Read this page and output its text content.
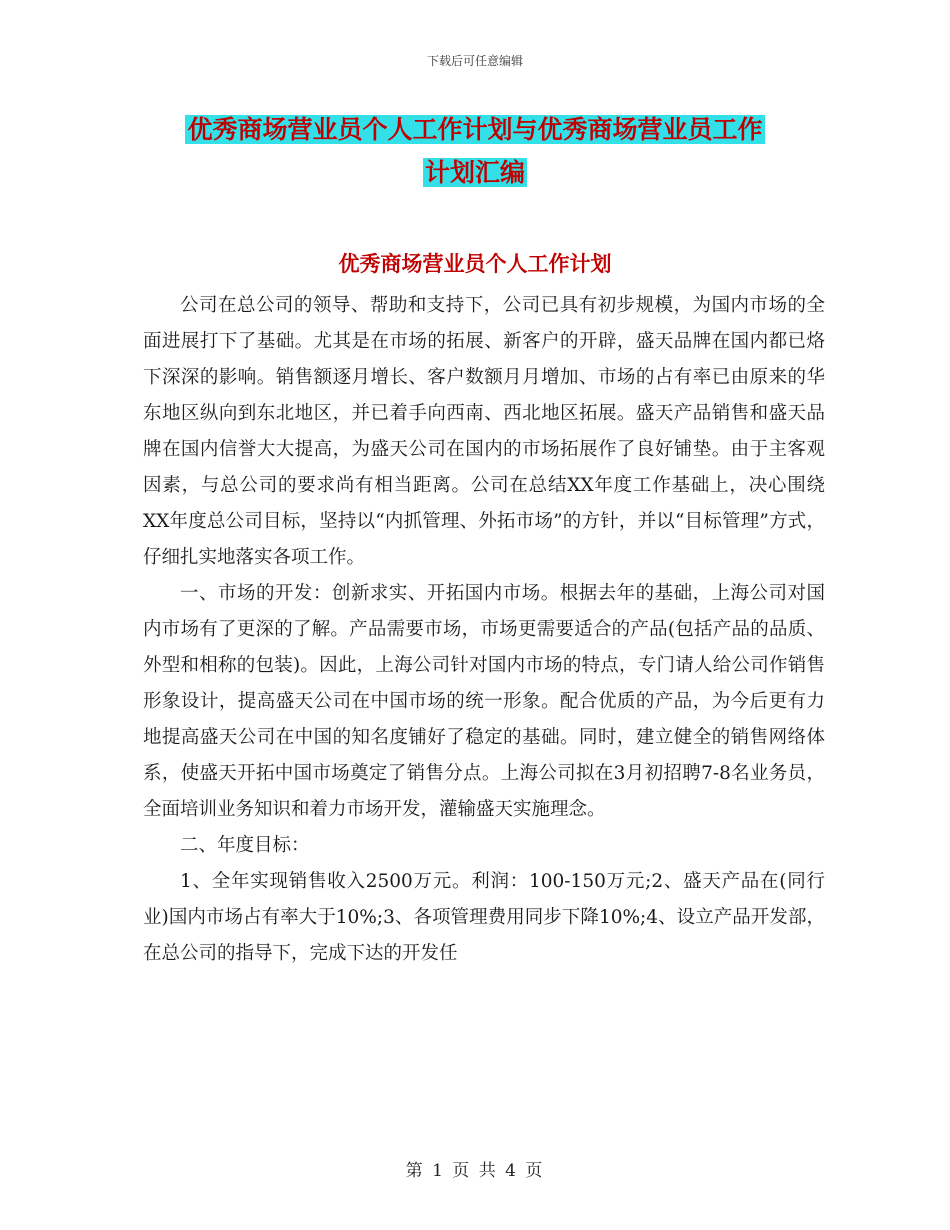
下载后可任意编辑
优秀商场营业员个人工作计划与优秀商场营业员工作
计划汇编
优秀商场营业员个人工作计划

公司在总公司的领导、帮助和支持下，公司已具有初步规模，为国内市场的全面进展打下了基础。尤其是在市场的拓展、新客户的开辟，盛天品牌在国内都已烙下深深的影响。销售额逐月增长、客户数额月月增加、市场的占有率已由原来的华东地区纵向到东北地区，并已着手向西南、西北地区拓展。盛天产品销售和盛天品牌在国内信誉大大提高，为盛天公司在国内的市场拓展作了良好铺垫。由于主客观因素，与总公司的要求尚有相当距离。公司在总结XX年度工作基础上，决心围绕 XX年度总公司目标，坚持以“内抓管理、外拓市场”的方针，并以“目标管理”方式，仔细扎实地落实各项工作。

一、市场的开发：创新求实、开拓国内市场。根据去年的基础，上海公司对国内市场有了更深的了解。产品需要市场，市场更需要适合的产品(包括产品的品质、外型和相称的包装)。因此，上海公司针对国内市场的特点，专门请人给公司作销售形象设计，提高盛天公司在中国市场的统一形象。配合优质的产品，为今后更有力地提高盛天公司在中国的知名度铺好了稳定的基础。同时，建立健全的销售网络体系，使盛天开拓中国市场奠定了销售分点。上海公司拟在3月初招聘7-8名业务员，全面培训业务知识和着力市场开发，灌输盛天实施理念。

二、年度目标：

1、全年实现销售收入2500万元。利润：100-150万元;2、盛天产品在(同行业)国内市场占有率大于10%;3、各项管理费用同步下降10%;4、设立产品开发部，在总公司的指导下，完成下达的开发任

第 1 页 共 4 页
